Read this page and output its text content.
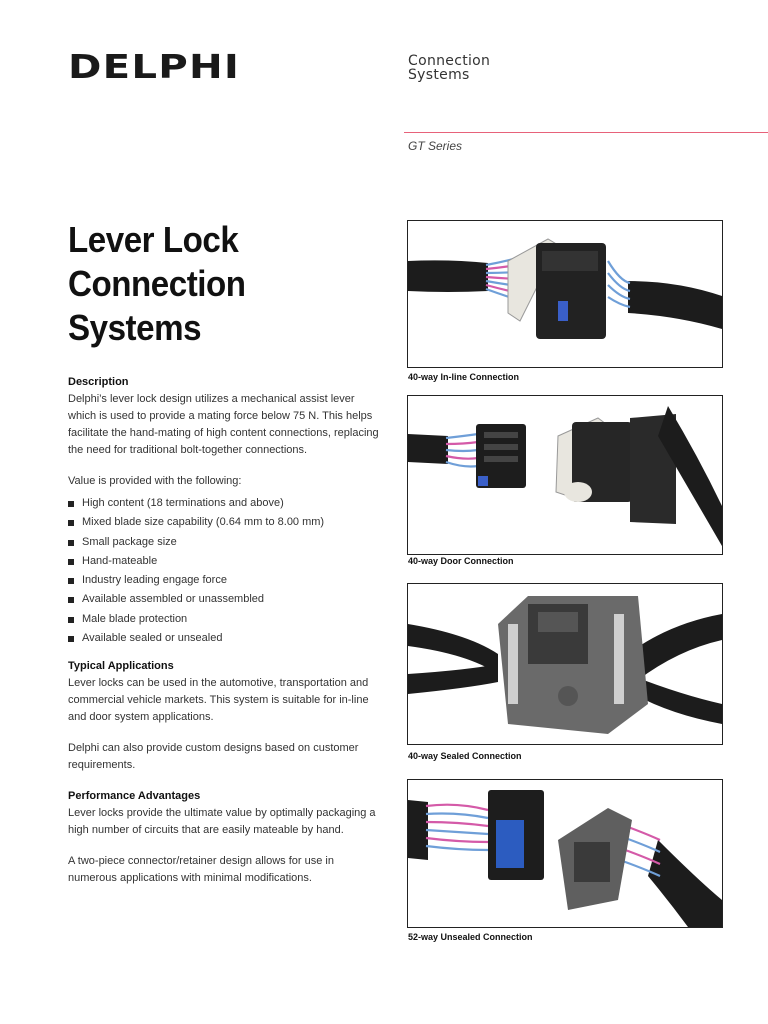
DELPHI	Connection
Systems
GT Series
Lever Lock
Connection
Systems

Description

Delphi’s lever lock design utilizes a mechanical assist lever which is used to provide a mating force below 75 N. This helps facilitate the hand-mating of high content connections, replacing the need for traditional bolt-together connections.

Value is provided with the following:

High content (18 terminations and above)
Mixed blade size capability (0.64 mm to 8.00 mm)
Small package size
Hand-mateable
Industry leading engage force
Available assembled or unassembled
Male blade protection
Available sealed or unsealed

Typical Applications

Lever locks can be used in the automotive, transportation and commercial vehicle markets. This system is suitable for in-line and door system applications.

Delphi can also provide custom designs based on customer requirements.

Performance Advantages

Lever locks provide the ultimate value by optimally packaging a high number of circuits that are easily mateable by hand.

A two-piece connector/retainer design allows for use in numerous applications with minimal modifications.

40-way In-line Connection
40-way Door Connection
40-way Sealed Connection
52-way Unsealed Connection
